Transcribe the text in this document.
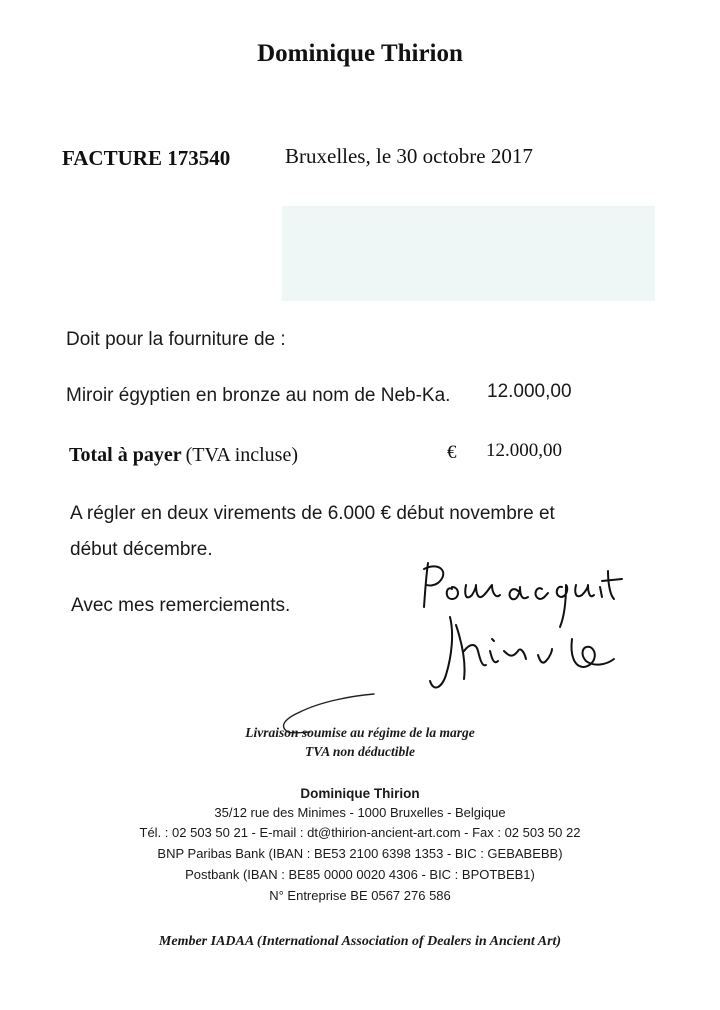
Dominique Thirion
FACTURE 173540	Bruxelles, le 30 octobre 2017
Doit pour la fourniture de :
Miroir égyptien en bronze au nom de Neb-Ka. 12.000,00
Total à payer (TVA incluse)	€ 12.000,00
A régler en deux virements de 6.000 € début novembre et
début décembre.
Avec mes remerciements.
Livraison soumise au régime de la marge
TVA non déductible
Dominique Thirion
35/12 rue des Minimes - 1000 Bruxelles - Belgique
Tél. : 02 503 50 21 - E-mail : dt@thirion-ancient-art.com - Fax : 02 503 50 22
BNP Paribas Bank (IBAN : BE53 2100 6398 1353 - BIC : GEBABEBB)
Postbank (IBAN : BE85 0000 0020 4306 - BIC : BPOTBEB1)
N° Entreprise BE 0567 276 586
Member IADAA (International Association of Dealers in Ancient Art)
